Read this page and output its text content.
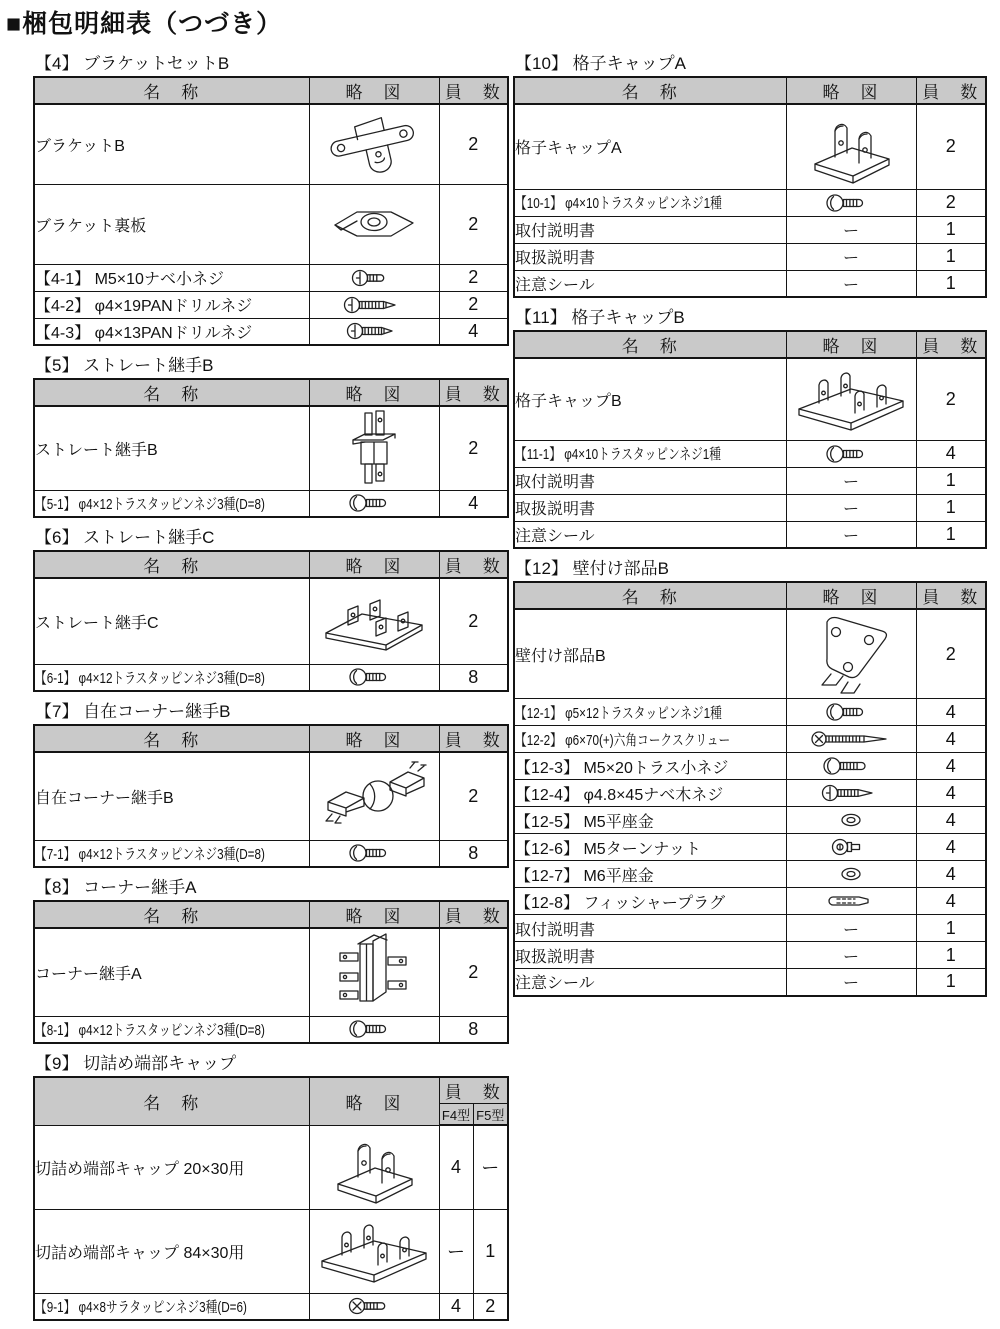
■梱包明細表（つづき）
【4】 ブラケットセットB
名　称	略　図	員　数
ブラケットB		2
ブラケット裏板		2
【4-1】 M5×10ナベ小ネジ		2
【4-2】 φ4×19PANドリルネジ		2
【4-3】 φ4×13PANドリルネジ		4
【5】 ストレート継手B
名　称	略　図	員　数
ストレート継手B		2
【5-1】 φ4×12トラスタッピンネジ3種(D=8)		4
【6】 ストレート継手C
名　称	略　図	員　数
ストレート継手C		2
【6-1】 φ4×12トラスタッピンネジ3種(D=8)		8
【7】 自在コーナー継手B
名　称	略　図	員　数
自在コーナー継手B		2
【7-1】 φ4×12トラスタッピンネジ3種(D=8)		8
【8】 コーナー継手A
名　称	略　図	員　数
コーナー継手A		2
【8-1】 φ4×12トラスタッピンネジ3種(D=8)		8
【9】 切詰め端部キャップ
名　称	略　図	員　数	
		F4型	F5型
切詰め端部キャップ 20×30用		4	ー
切詰め端部キャップ 84×30用		ー	1
【9-1】 φ4×8サラタッピンネジ3種(D=6)		4	2
【10】 格子キャップA
名　称	略　図	員　数
格子キャップA		2
【10-1】 φ4×10トラスタッピンネジ1種		2
取付説明書	ー	1
取扱説明書	ー	1
注意シール	ー	1
【11】 格子キャップB
名　称	略　図	員　数
格子キャップB		2
【11-1】 φ4×10トラスタッピンネジ1種		4
取付説明書	ー	1
取扱説明書	ー	1
注意シール	ー	1
【12】 壁付け部品B
名　称	略　図	員　数
壁付け部品B		2
【12-1】 φ5×12トラスタッピンネジ1種		4
【12-2】 φ6×70(+)六角コークスクリュー		4
【12-3】 M5×20トラス小ネジ		4
【12-4】 φ4.8×45ナベ木ネジ		4
【12-5】 M5平座金		4
【12-6】 M5ターンナット		4
【12-7】 M6平座金		4
【12-8】 フィッシャープラグ		4
取付説明書	ー	1
取扱説明書	ー	1
注意シール	ー	1
